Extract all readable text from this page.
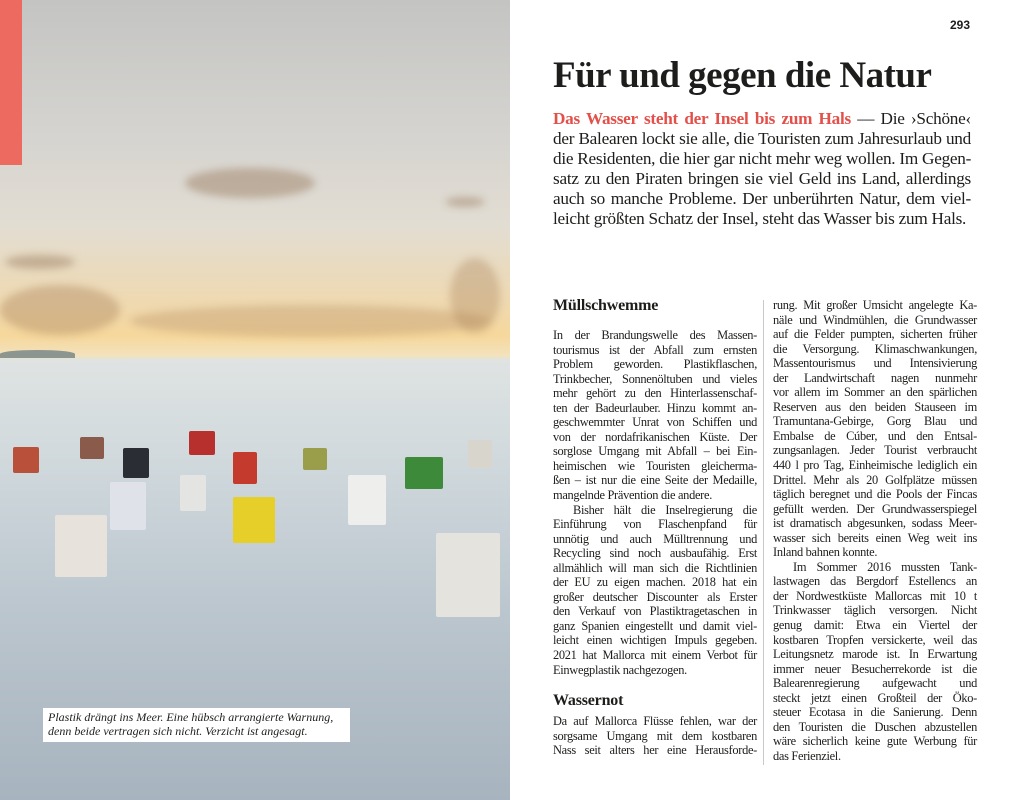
Plastik drängt ins Meer. Eine hübsch arrangierte Warnung, denn beide vertragen sich nicht. Verzicht ist angesagt.
293
Für und gegen die Natur
Das Wasser steht der Insel bis zum Hals — Die ›Schöne‹
der Balearen lockt sie alle, die Touristen zum Jahresurlaub und
die Residenten, die hier gar nicht mehr weg wollen. Im Gegen-
satz zu den Piraten bringen sie viel Geld ins Land, allerdings
auch so manche Probleme. Der unberührten Natur, dem viel-
leicht größten Schatz der Insel, steht das Wasser bis zum Hals.
Müllschwemme
In der Brandungswelle des Massen-
tourismus ist der Abfall zum ernsten
Problem geworden. Plastikflaschen,
Trinkbecher, Sonnenöltuben und vieles
mehr gehört zu den Hinterlassenschaf-
ten der Badeurlauber. Hinzu kommt an-
geschwemmter Unrat von Schiffen und
von der nordafrikanischen Küste. Der
sorglose Umgang mit Abfall – bei Ein-
heimischen wie Touristen gleicherma-
ßen – ist nur die eine Seite der Medaille,
mangelnde Prävention die andere.
Bisher hält die Inselregierung die
Einführung von Flaschenpfand für
unnötig und auch Mülltrennung und
Recycling sind noch ausbaufähig. Erst
allmählich will man sich die Richtlinien
der EU zu eigen machen. 2018 hat ein
großer deutscher Discounter als Erster
den Verkauf von Plastiktragetaschen in
ganz Spanien eingestellt und damit viel-
leicht einen wichtigen Impuls gegeben.
2021 hat Mallorca mit einem Verbot für
Einwegplastik nachgezogen.
Wassernot
Da auf Mallorca Flüsse fehlen, war der
sorgsame Umgang mit dem kostbaren
Nass seit alters her eine Herausforde-
rung. Mit großer Umsicht angelegte Ka-
näle und Windmühlen, die Grundwasser
auf die Felder pumpten, sicherten früher
die Versorgung. Klimaschwankungen,
Massentourismus und Intensivierung
der Landwirtschaft nagen nunmehr
vor allem im Sommer an den spärlichen
Reserven aus den beiden Stauseen im
Tramuntana-Gebirge, Gorg Blau und
Embalse de Cúber, und den Entsal-
zungsanlagen. Jeder Tourist verbraucht
440 l pro Tag, Einheimische lediglich ein
Drittel. Mehr als 20 Golfplätze müssen
täglich beregnet und die Pools der Fincas
gefüllt werden. Der Grundwasserspiegel
ist dramatisch abgesunken, sodass Meer-
wasser sich bereits einen Weg weit ins
Inland bahnen konnte.
Im Sommer 2016 mussten Tank-
lastwagen das Bergdorf Estellencs an
der Nordwestküste Mallorcas mit 10 t
Trinkwasser täglich versorgen. Nicht
genug damit: Etwa ein Viertel der
kostbaren Tropfen versickerte, weil das
Leitungsnetz marode ist. In Erwartung
immer neuer Besucherrekorde ist die
Balearenregierung aufgewacht und
steckt jetzt einen Großteil der Öko-
steuer Ecotasa in die Sanierung. Denn
den Touristen die Duschen abzustellen
wäre sicherlich keine gute Werbung für
das Ferienziel.
